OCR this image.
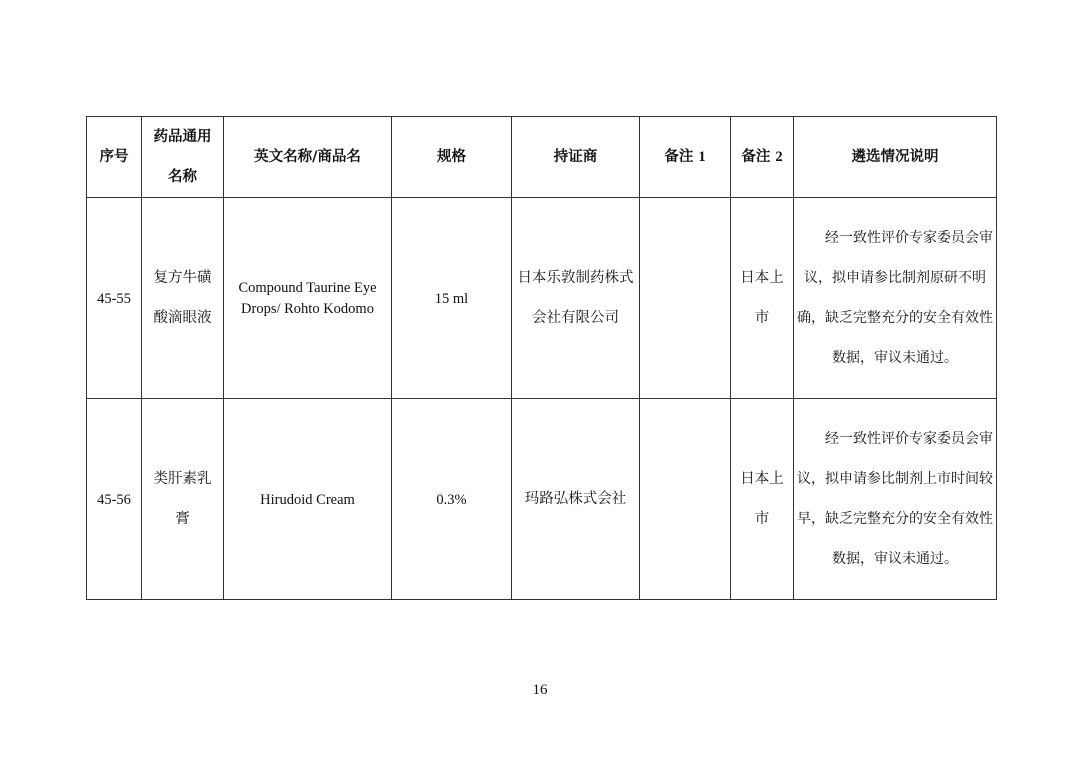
序号	药品通用名称	英文名称/商品名	规格	持证商	备注 1	备注 2	遴选情况说明
45-55	复方牛磺酸滴眼液	Compound Taurine Eye Drops/ Rohto Kodomo	15 ml	日本乐敦制药株式会社有限公司		日本上市	经一致性评价专家委员会审议，拟申请参比制剂原研不明确，缺乏完整充分的安全有效性数据，审议未通过。

45-56	类肝素乳膏	Hirudoid Cream	0.3%	玛路弘株式会社		日本上市	经一致性评价专家委员会审议，拟申请参比制剂上市时间较早，缺乏完整充分的安全有效性数据，审议未通过。
16
